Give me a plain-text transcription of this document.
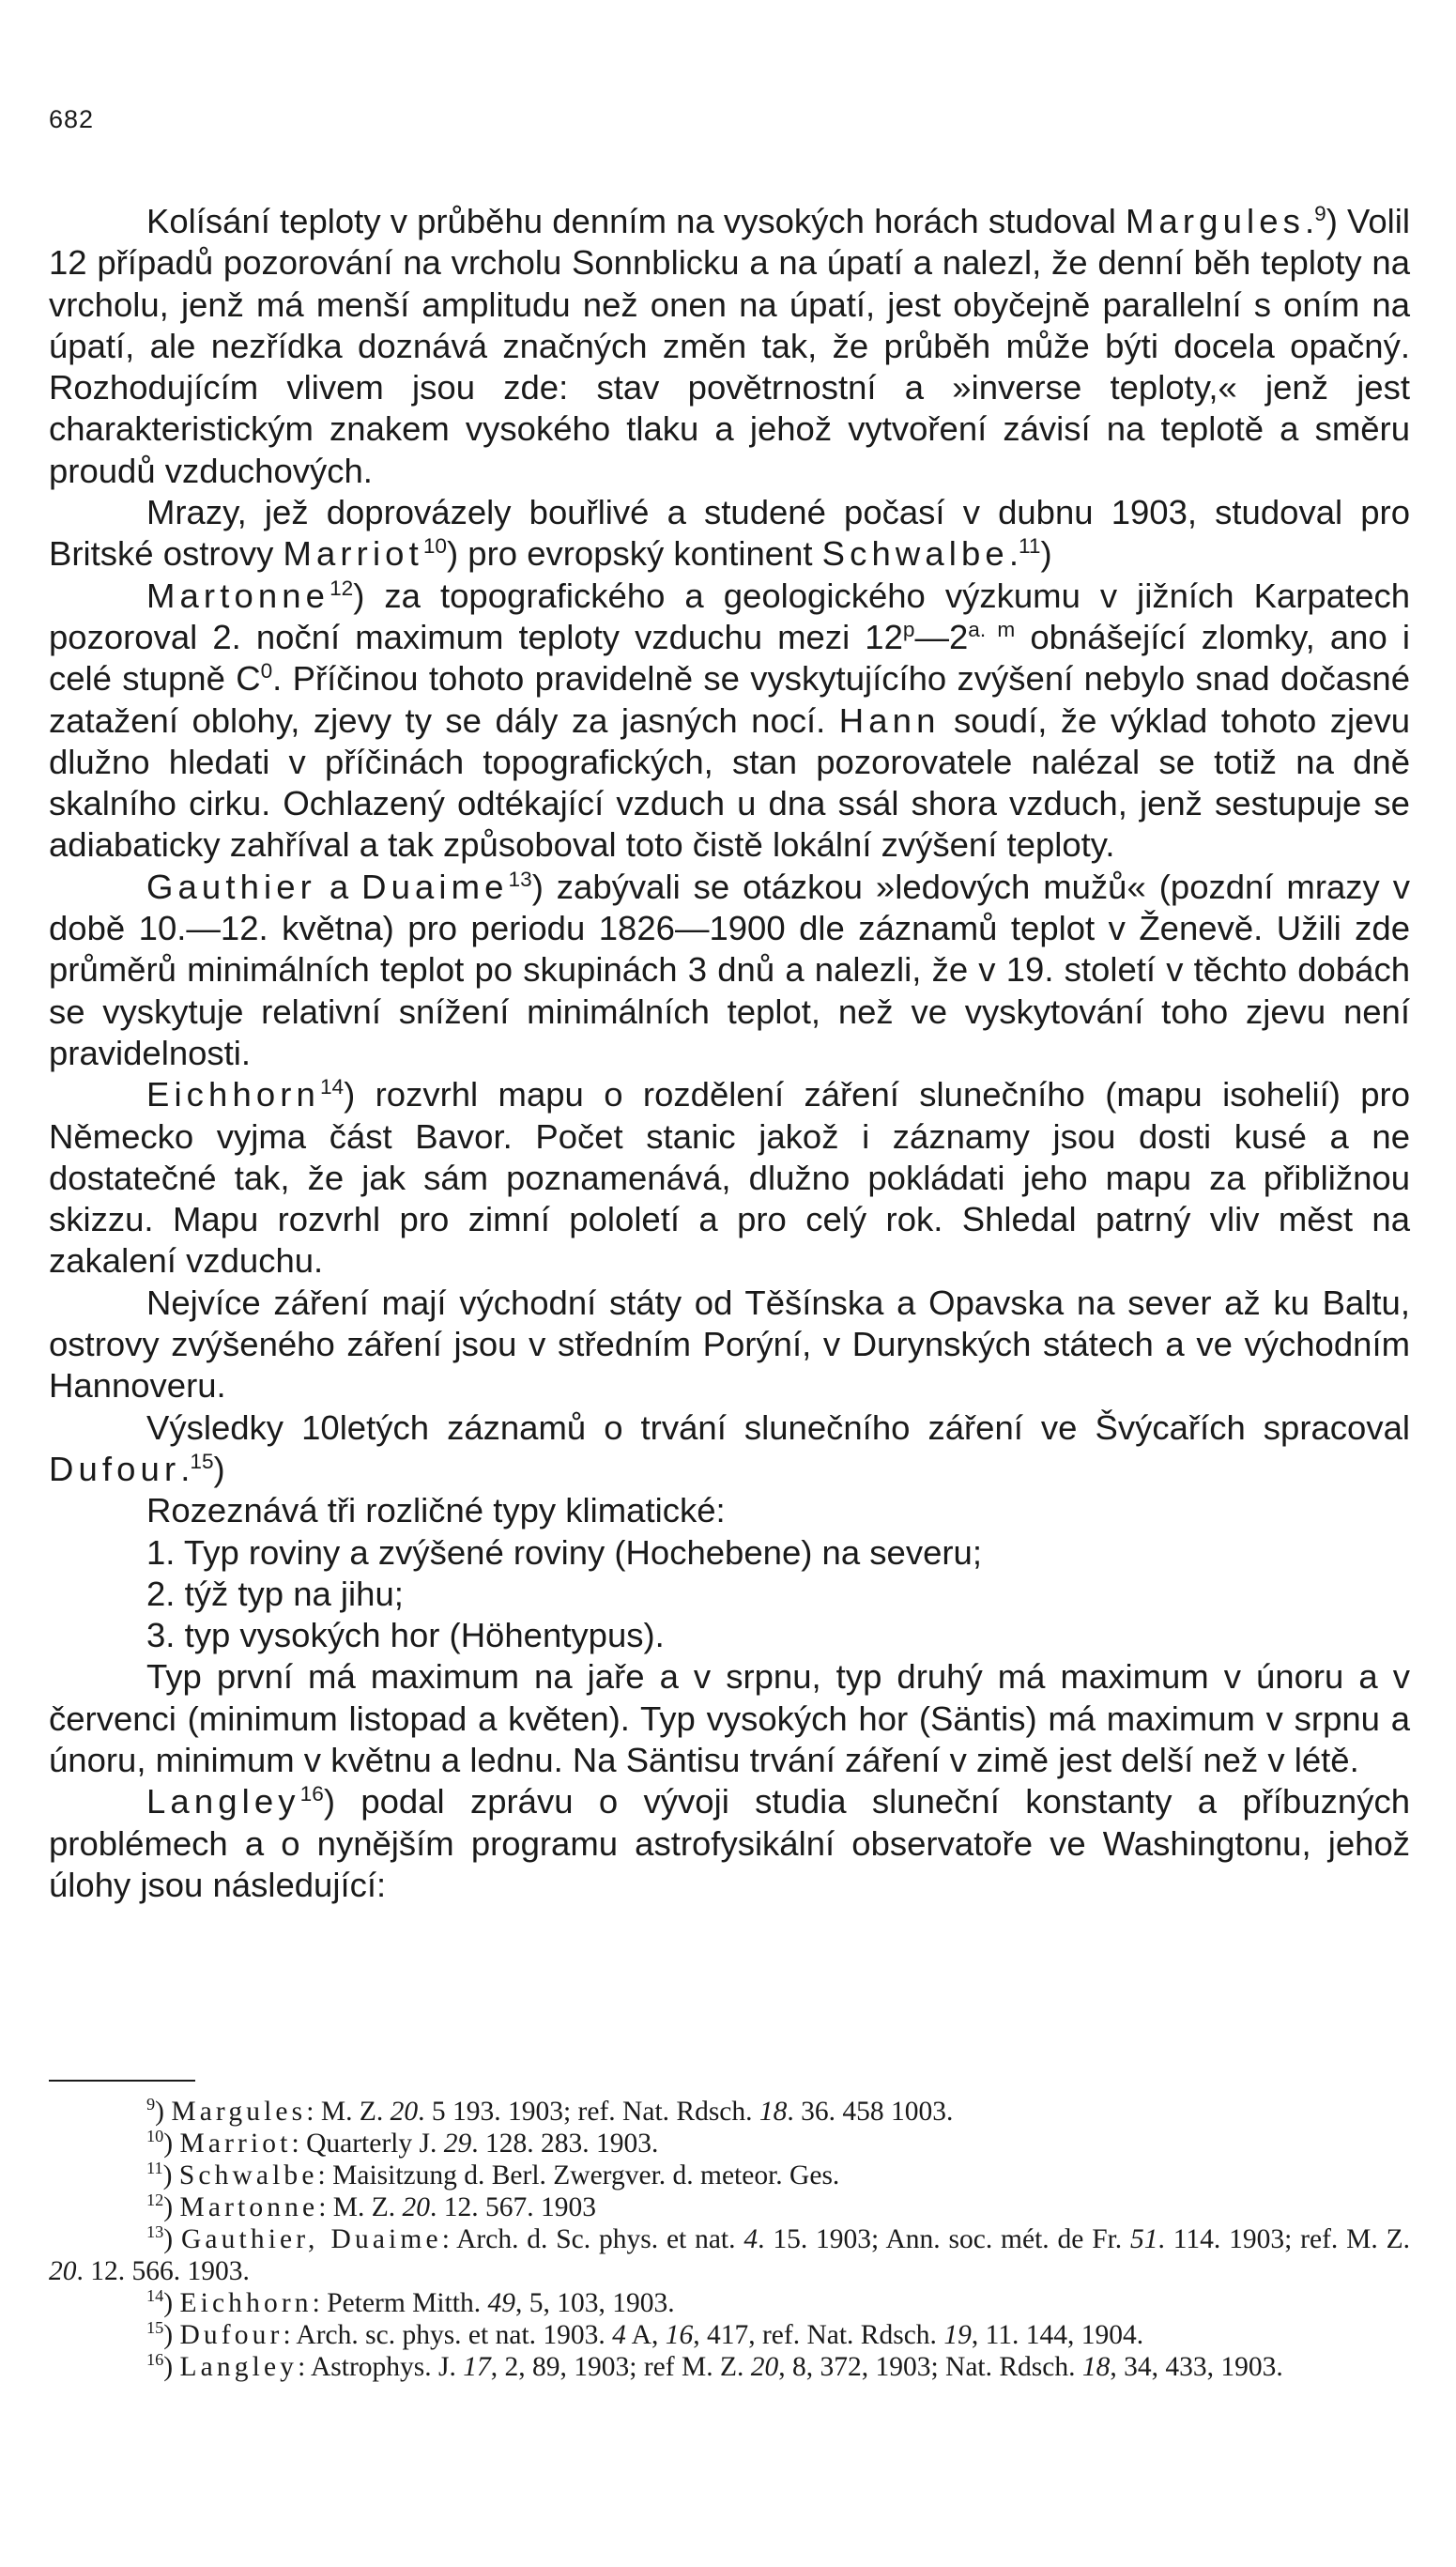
682

Kolísání teploty v průběhu denním na vysokých horách studoval Margules.$^9$) Volil 12 případů pozorování na vrcholu Sonnblicku a na úpatí a nalezl, že denní běh teploty na vrcholu, jenž má menší amplitudu než onen na úpatí, jest obyčejně parallelní s oním na úpatí, ale nezřídka doznává značných změn tak, že průběh může býti docela opačný. Rozhodujícím vlivem jsou zde: stav povětrnostní a »inverse teploty,« jenž jest charakteristickým znakem vysokého tlaku a jehož vytvoření závisí na teplotě a směru proudů vzduchových.

Mrazy, jež doprovázely bouřlivé a studené počasí v dubnu 1903, studoval pro Britské ostrovy Marriot$^{10}$) pro evropský kontinent Schwalbe.$^{11}$)

Martonne$^{12}$) za topografického a geologického výzkumu v jižních Karpatech pozoroval 2. noční maximum teploty vzduchu mezi $12^p—2^{a. m}$ obnášející zlomky, ano i celé stupně $C^0$. Příčinou tohoto pravidelně se vyskytujícího zvýšení nebylo snad dočasné zatažení oblohy, zjevy ty se dály za jasných nocí. Hann soudí, že výklad tohoto zjevu dlužno hledati v příčinách topografických, stan pozorovatele nalézal se totiž na dně skalního cirku. Ochlazený odtékající vzduch u dna ssál shora vzduch, jenž sestupuje se adiabaticky zahříval a tak způsoboval toto čistě lokální zvýšení teploty.

Gauthier a Duaime$^{13}$) zabývali se otázkou »ledových mužů« (pozdní mrazy v době 10.—12. května) pro periodu 1826—1900 dle záznamů teplot v Ženevě. Užili zde průměrů minimálních teplot po skupinách 3 dnů a nalezli, že v 19. století v těchto dobách se vyskytuje relativní snížení minimálních teplot, než ve vyskytování toho zjevu není pravidelnosti.

Eichhorn$^{14}$) rozvrhl mapu o rozdělení záření slunečního (mapu isohelií) pro Německo vyjma část Bavor. Počet stanic jakož i záznamy jsou dosti kusé a ne dostatečné tak, že jak sám poznamenává, dlužno pokládati jeho mapu za přibližnou skizzu. Mapu rozvrhl pro zimní pololetí a pro celý rok. Shledal patrný vliv měst na zakalení vzduchu.

Nejvíce záření mají východní státy od Těšínska a Opavska na sever až ku Baltu, ostrovy zvýšeného záření jsou v středním Porýní, v Durynských státech a ve východním Hannoveru.

Výsledky 10letých záznamů o trvání slunečního záření ve Švýcařích spracoval Dufour.$^{15}$)

Rozeznává tři rozličné typy klimatické:

1. Typ roviny a zvýšené roviny (Hochebene) na severu;

2. týž typ na jihu;

3. typ vysokých hor (Höhentypus).

Typ první má maximum na jaře a v srpnu, typ druhý má maximum v únoru a v červenci (minimum listopad a květen). Typ vysokých hor (Säntis) má maximum v srpnu a únoru, minimum v květnu a lednu. Na Säntisu trvání záření v zimě jest delší než v létě.

Langley$^{16}$) podal zprávu o vývoji studia sluneční konstanty a příbuzných problémech a o nynějším programu astrofysikální observatoře ve Washingtonu, jehož úlohy jsou následující:

$^9$) Margules: M. Z. 20. 5 193. 1903; ref. Nat. Rdsch. 18. 36. 458 1003.

$^{10}$) Marriot: Quarterly J. 29. 128. 283. 1903.

$^{11}$) Schwalbe: Maisitzung d. Berl. Zwergver. d. meteor. Ges.

$^{12}$) Martonne: M. Z. 20. 12. 567. 1903

$^{13}$) Gauthier, Duaime: Arch. d. Sc. phys. et nat. 4. 15. 1903; Ann. soc. mét. de Fr. 51. 114. 1903; ref. M. Z. 20. 12. 566. 1903.

$^{14}$) Eichhorn: Peterm Mitth. 49, 5, 103, 1903.

$^{15}$) Dufour: Arch. sc. phys. et nat. 1903. 4 A, 16, 417, ref. Nat. Rdsch. 19, 11. 144, 1904.

$^{16}$) Langley: Astrophys. J. 17, 2, 89, 1903; ref M. Z. 20, 8, 372, 1903; Nat. Rdsch. 18, 34, 433, 1903.
